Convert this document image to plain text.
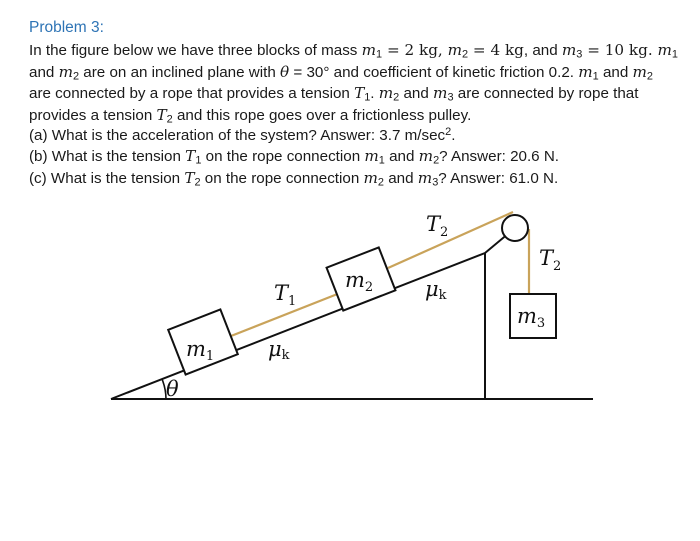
Problem 3:
In the figure below we have three blocks of mass $m_1 = 2$ kg, $m_2 = 4$ kg, and $m_3 = 10$ kg. $m_1$
and $m_2$ are on an inclined plane with θ = 30° and coefficient of kinetic friction 0.2. $m_1$ and $m_2$
are connected by a rope that provides a tension $T_1$. $m_2$ and $m_3$ are connected by rope that
provides a tension $T_2$ and this rope goes over a frictionless pulley.
(a) What is the acceleration of the system? Answer: 3.7 $m/\sec^2$.
(b) What is the tension $T_1$ on the rope connection $m_1$ and $m_2$? Answer: 20.6 N.
(c) What is the tension $T_2$ on the rope connection $m_2$ and $m_3$? Answer: 61.0 N.
m1
m2
m3
$T_1$
$T_2$
$T_2$
μk
μk
θ
